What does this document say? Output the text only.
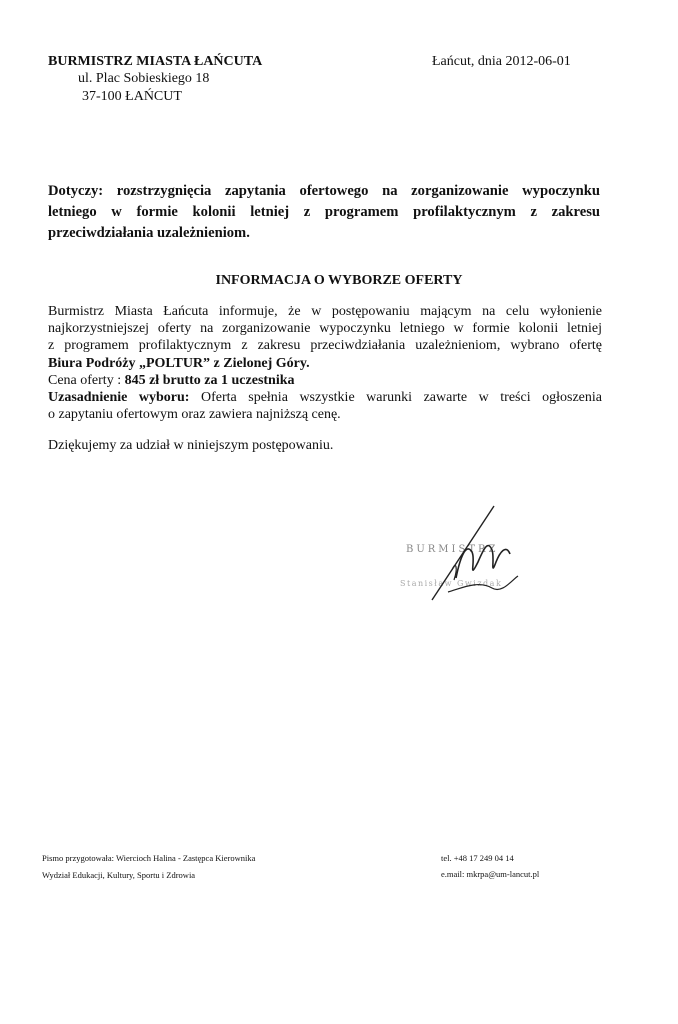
BURMISTRZ MIASTA ŁAŃCUTA
ul. Plac Sobieskiego 18
37-100 ŁAŃCUT
Łańcut, dnia 2012-06-01
Dotyczy: rozstrzygnięcia zapytania ofertowego na zorganizowanie wypoczynku
letniego w formie kolonii letniej z programem profilaktycznym z zakresu
przeciwdziałania uzależnieniom.
INFORMACJA O WYBORZE OFERTY
Burmistrz Miasta Łańcuta informuje, że w postępowaniu mającym na celu wyłonienie
najkorzystniejszej oferty na zorganizowanie wypoczynku letniego w formie kolonii letniej
z programem profilaktycznym z zakresu przeciwdziałania uzależnieniom, wybrano ofertę
Biura Podróży „POLTUR” z Zielonej Góry.
Cena oferty : 845 zł brutto za 1 uczestnika
Uzasadnienie wyboru: Oferta spełnia wszystkie warunki zawarte w treści ogłoszenia
o zapytaniu ofertowym oraz zawiera najniższą cenę.
Dziękujemy za udział w niniejszym postępowaniu.
BURMISTRZ
Stanisław Gwizdak
Pismo przygotowała: Wiercioch Halina - Zastępca Kierownika
Wydział Edukacji, Kultury, Sportu i Zdrowia
tel. +48 17 249 04 14
e.mail: mkrpa@um-lancut.pl
